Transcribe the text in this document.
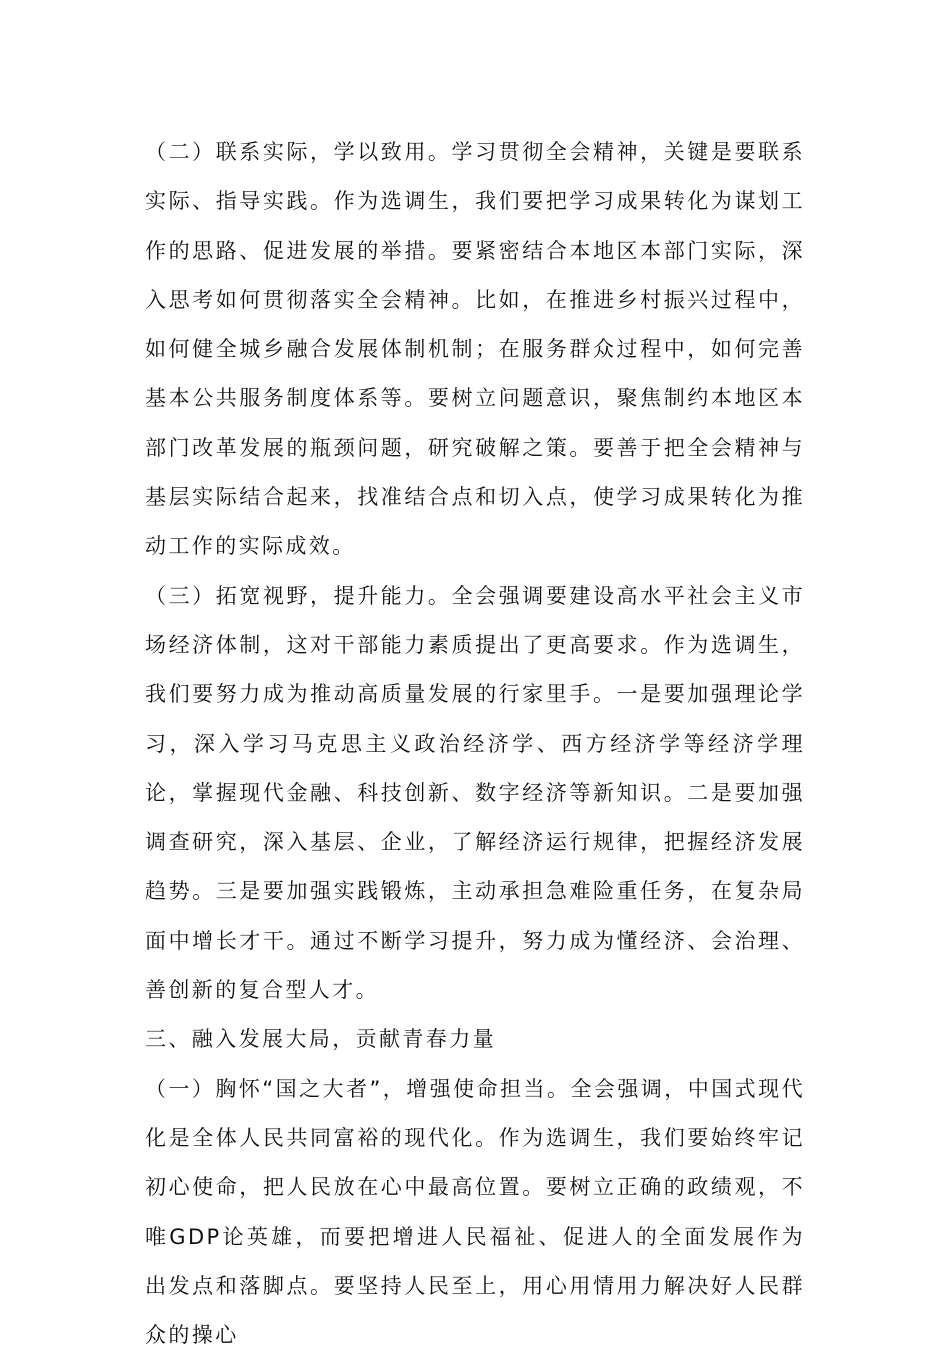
（二）联系实际，学以致用。学习贯彻全会精神，关键是要联系实际、指导实践。作为选调生，我们要把学习成果转化为谋划工作的思路、促进发展的举措。要紧密结合本地区本部门实际，深入思考如何贯彻落实全会精神。比如，在推进乡村振兴过程中，如何健全城乡融合发展体制机制；在服务群众过程中，如何完善基本公共服务制度体系等。要树立问题意识，聚焦制约本地区本部门改革发展的瓶颈问题，研究破解之策。要善于把全会精神与基层实际结合起来，找准结合点和切入点，使学习成果转化为推动工作的实际成效。

（三）拓宽视野，提升能力。全会强调要建设高水平社会主义市场经济体制，这对干部能力素质提出了更高要求。作为选调生，我们要努力成为推动高质量发展的行家里手。一是要加强理论学习，深入学习马克思主义政治经济学、西方经济学等经济学理论，掌握现代金融、科技创新、数字经济等新知识。二是要加强调查研究，深入基层、企业，了解经济运行规律，把握经济发展趋势。三是要加强实践锻炼，主动承担急难险重任务，在复杂局面中增长才干。通过不断学习提升，努力成为懂经济、会治理、善创新的复合型人才。

三、融入发展大局，贡献青春力量

（一）胸怀“国之大者”，增强使命担当。全会强调，中国式现代化是全体人民共同富裕的现代化。作为选调生，我们要始终牢记初心使命，把人民放在心中最高位置。要树立正确的政绩观，不唯GDP论英雄，而要把增进人民福祉、促进人的全面发展作为出发点和落脚点。要坚持人民至上，用心用情用力解决好人民群众的操心
